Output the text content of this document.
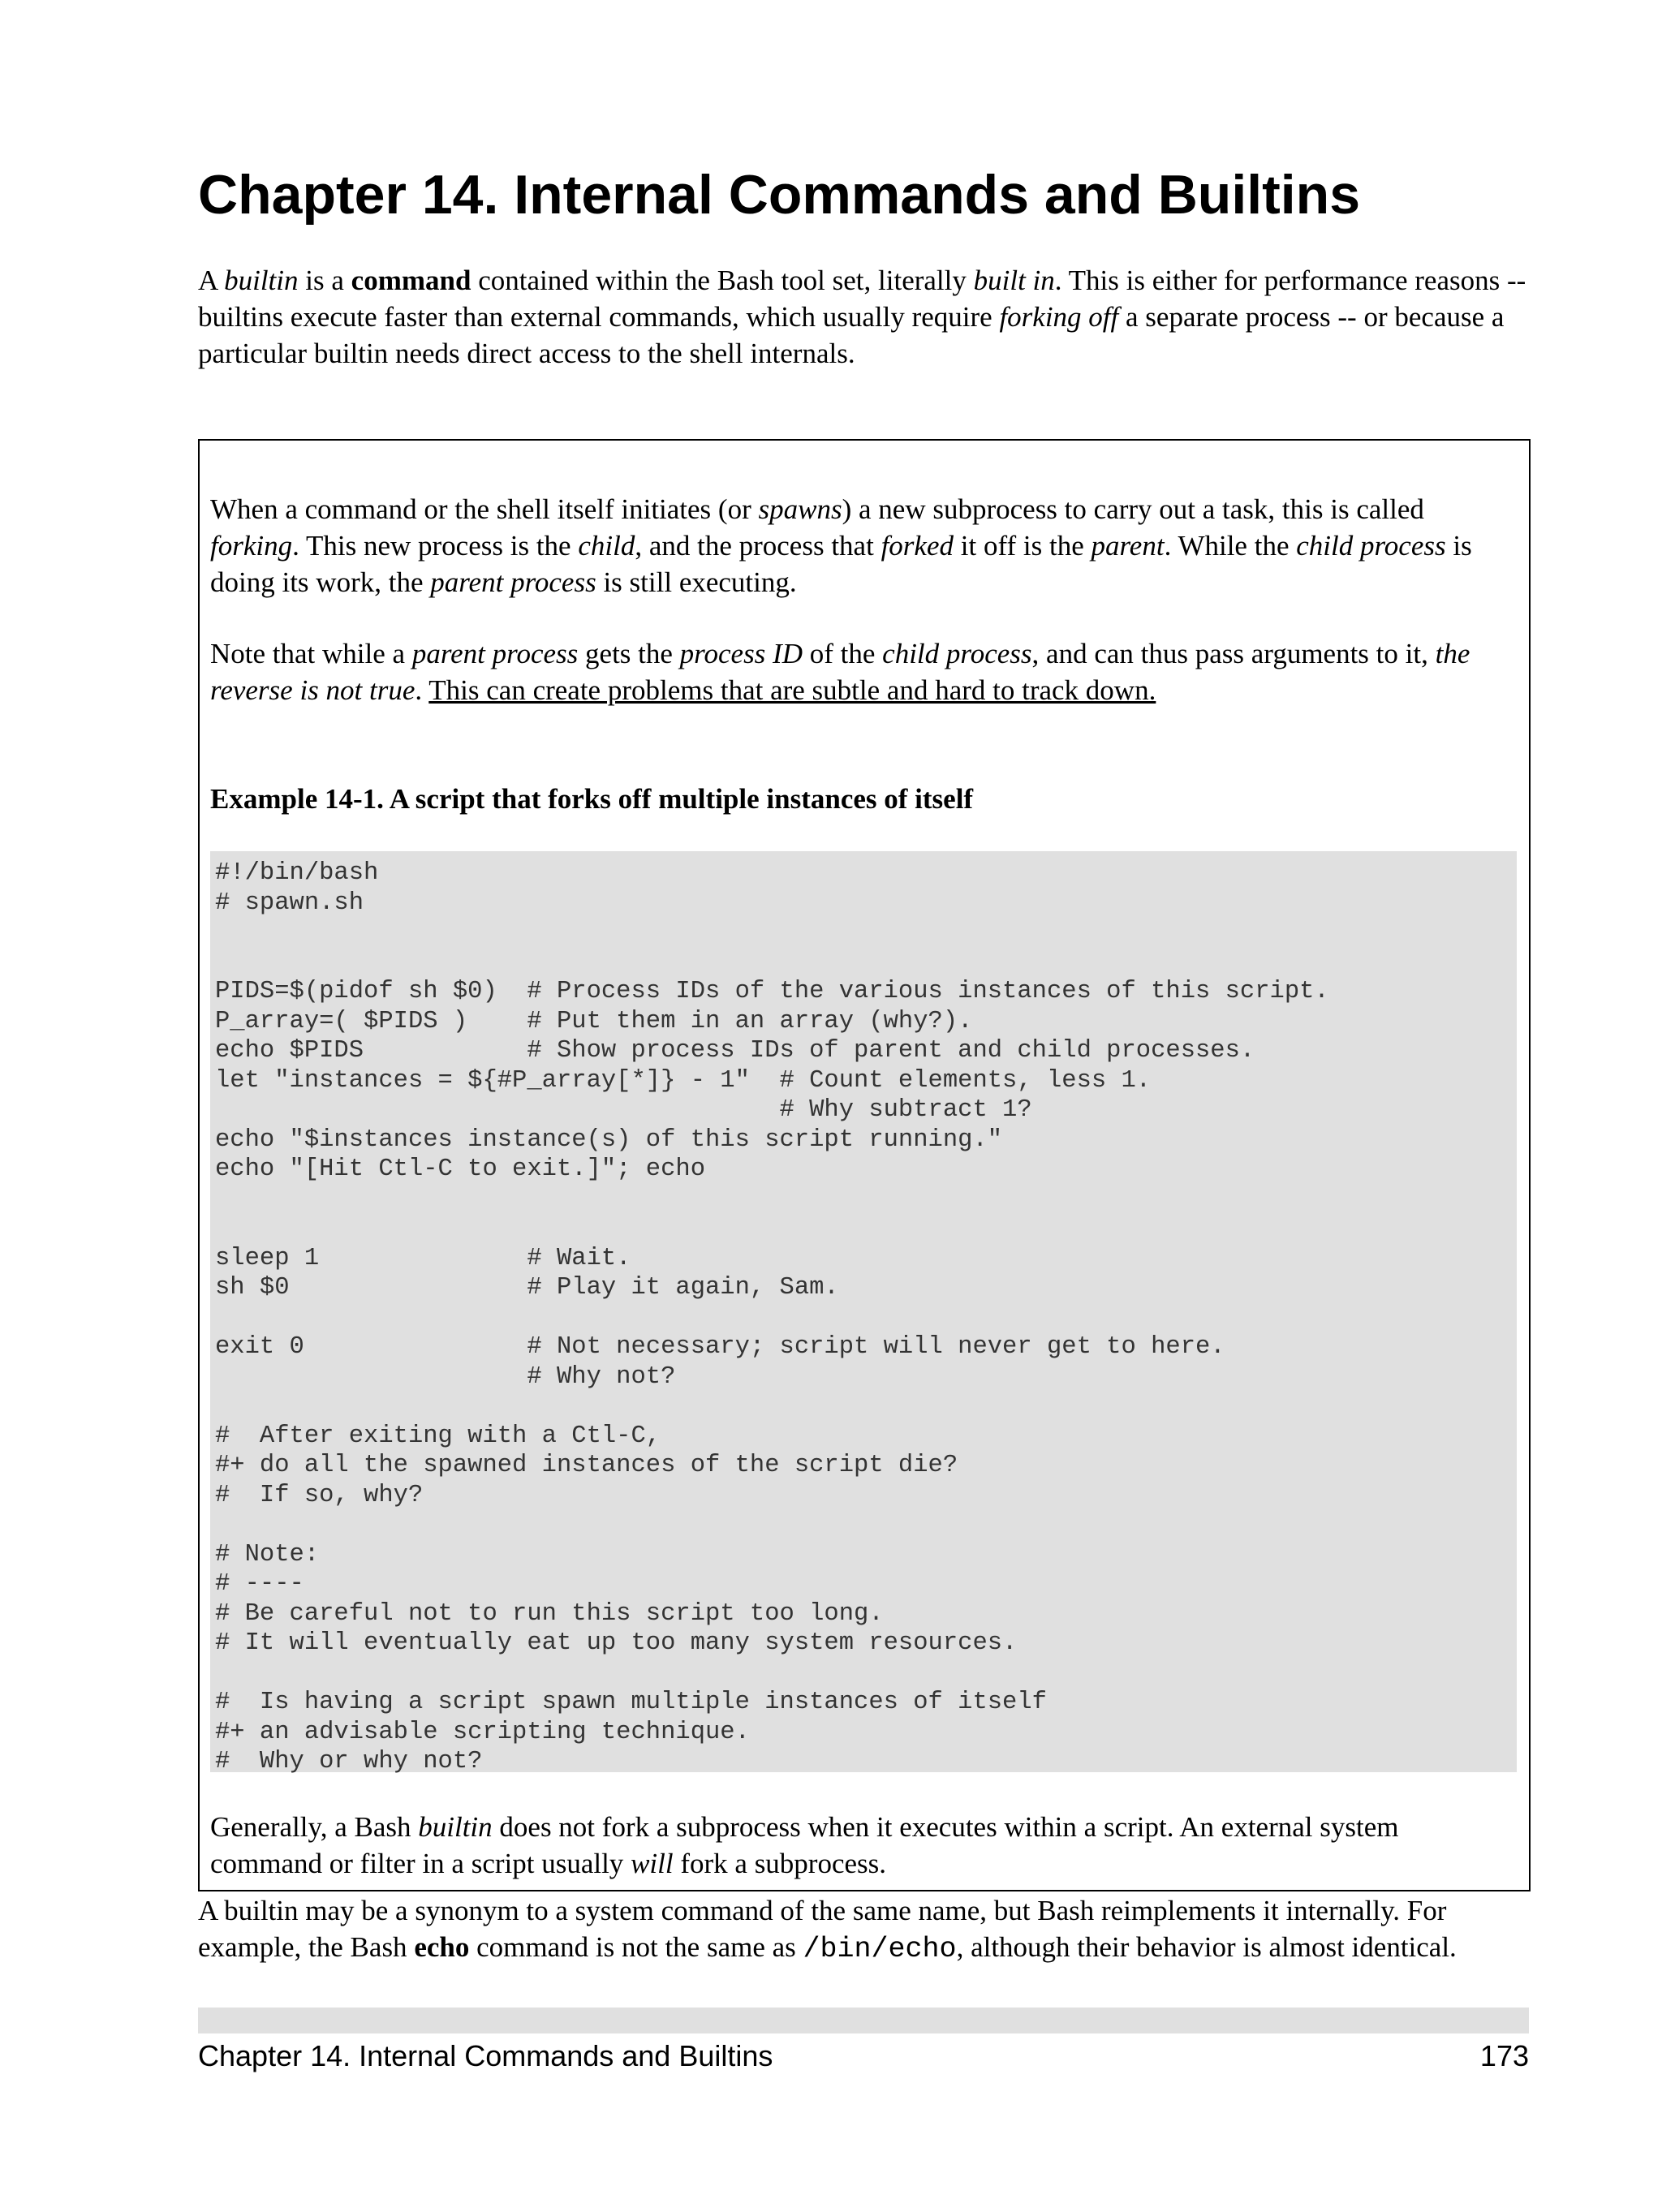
Chapter 14. Internal Commands and Builtins

A builtin is a command contained within the Bash tool set, literally built in. This is either for performance reasons -- builtins execute faster than external commands, which usually require forking off a separate process -- or because a particular builtin needs direct access to the shell internals.

When a command or the shell itself initiates (or spawns) a new subprocess to carry out a task, this is called forking. This new process is the child, and the process that forked it off is the parent. While the child process is doing its work, the parent process is still executing.

Note that while a parent process gets the process ID of the child process, and can thus pass arguments to it, the reverse is not true. This can create problems that are subtle and hard to track down.

Example 14-1. A script that forks off multiple instances of itself

#!/bin/bash
# spawn.sh

PIDS=$(pidof sh $0)  # Process IDs of the various instances of this script.
P_array=( $PIDS )    # Put them in an array (why?).
echo $PIDS           # Show process IDs of parent and child processes.
let "instances = ${#P_array[*]} - 1"  # Count elements, less 1.
# Why subtract 1?
echo "$instances instance(s) of this script running."
echo "[Hit Ctl-C to exit.]"; echo

sleep 1              # Wait.
sh $0                # Play it again, Sam.

exit 0               # Not necessary; script will never get to here.
# Why not?

#  After exiting with a Ctl-C,
#+ do all the spawned instances of the script die?
#  If so, why?

# Note:
# ----
# Be careful not to run this script too long.
# It will eventually eat up too many system resources.

#  Is having a script spawn multiple instances of itself
#+ an advisable scripting technique.
#  Why or why not?

Generally, a Bash builtin does not fork a subprocess when it executes within a script. An external system command or filter in a script usually will fork a subprocess.

A builtin may be a synonym to a system command of the same name, but Bash reimplements it internally. For example, the Bash echo command is not the same as /bin/echo, although their behavior is almost identical.

Chapter 14. Internal Commands and Builtins	173
